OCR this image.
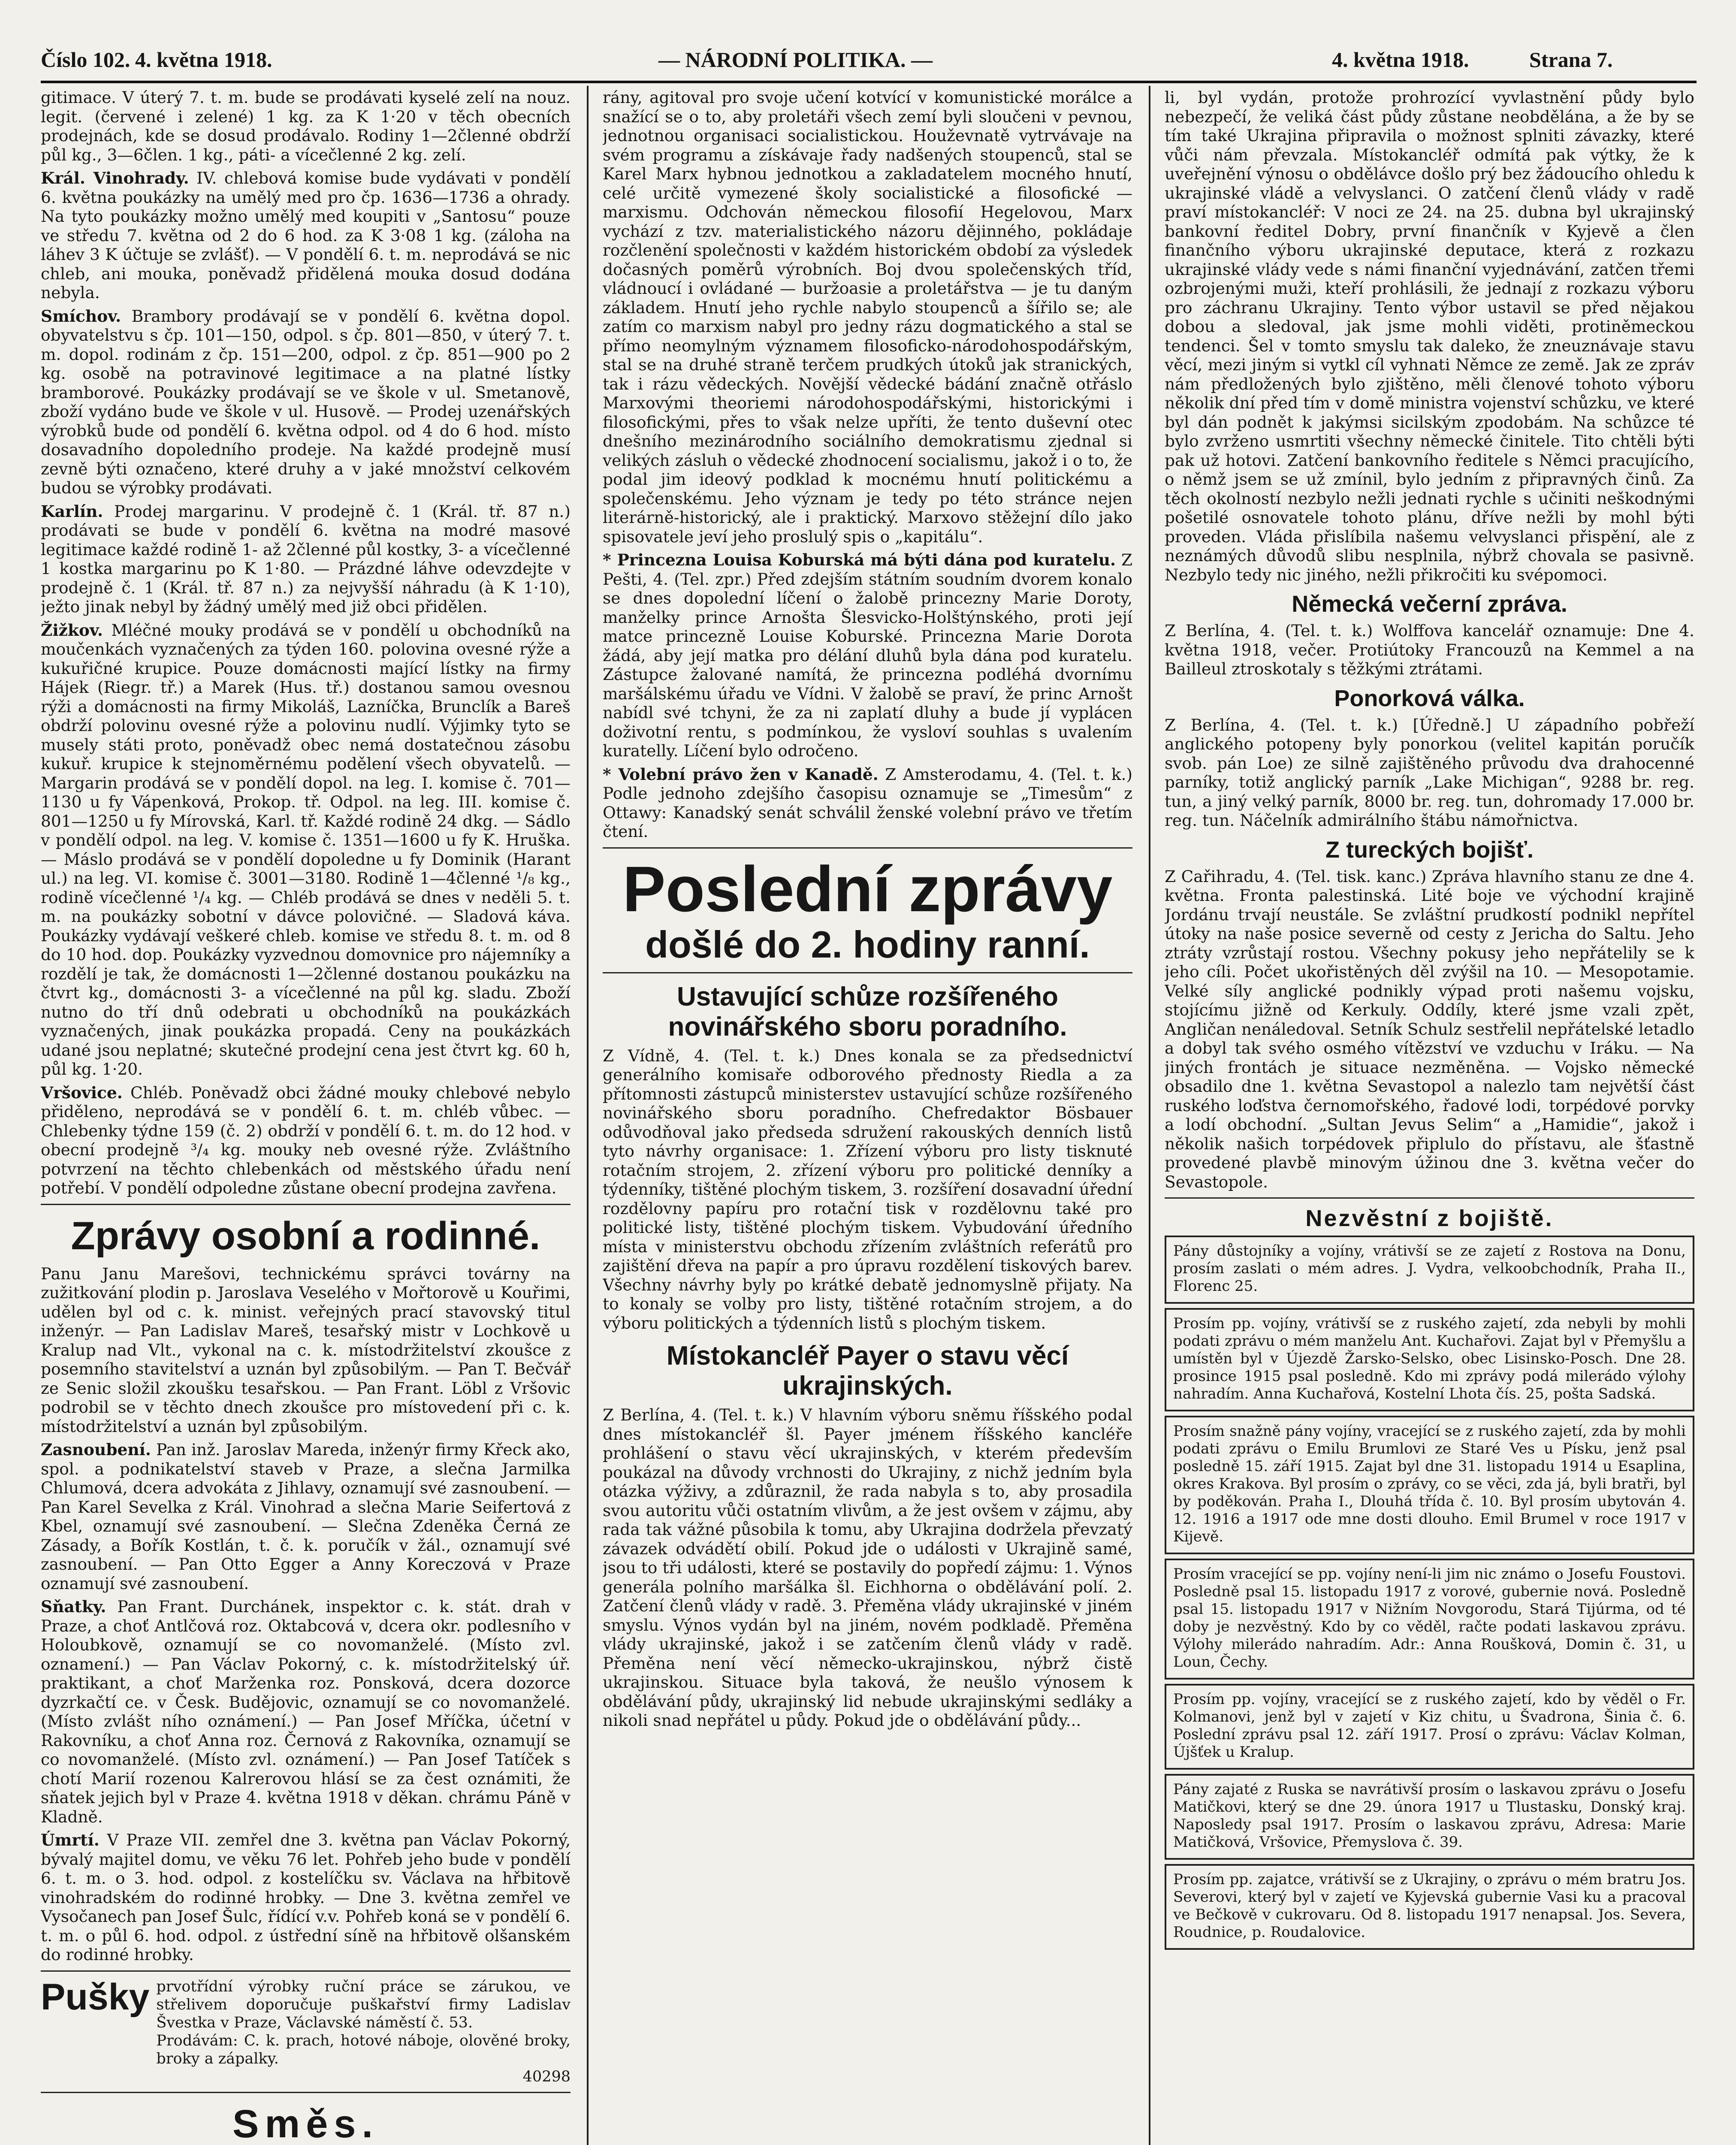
Číslo 102. 4. května 1918.	— NÁRODNÍ POLITIKA. —	4. května 1918.	Strana 7.

gitimace. V úterý 7. t. m. bude se prodávati kyselé zelí na nouz. legit. (červené i zelené) 1 kg. za K 1·20 v těch obecních prodejnách, kde se dosud prodávalo. Rodiny 1—2členné obdrží půl kg., 3—6člen. 1 kg., páti- a vícečlenné 2 kg. zelí.

Král. Vinohrady. IV. chlebová komise bude vydávati v pondělí 6. května poukázky na umělý med pro čp. 1636—1736 a ohrady. Na tyto poukázky možno umělý med koupiti v „Santosu“ pouze ve středu 7. května od 2 do 6 hod. za K 3·08 1 kg. (záloha na láhev 3 K účtuje se zvlášť). — V pondělí 6. t. m. neprodává se nic chleb, ani mouka, poněvadž přidělená mouka dosud dodána nebyla.

Smíchov. Brambory prodávají se v pondělí 6. května dopol. obyvatelstvu s čp. 101—150, odpol. s čp. 801—850, v úterý 7. t. m. dopol. rodinám z čp. 151—200, odpol. z čp. 851—900 po 2 kg. osobě na potravinové legitimace a na platné lístky bramborové. Poukázky prodávají se ve škole v ul. Smetanově, zboží vydáno bude ve škole v ul. Husově. — Prodej uzenářských výrobků bude od pondělí 6. května odpol. od 4 do 6 hod. místo dosavadního dopoledního prodeje. Na každé prodejně musí zevně býti označeno, které druhy a v jaké množství celkovém budou se výrobky prodávati.

Karlín. Prodej margarinu. V prodejně č. 1 (Král. tř. 87 n.) prodávati se bude v pondělí 6. května na modré masové legitimace každé rodině 1- až 2členné půl kostky, 3- a vícečlenné 1 kostka margarinu po K 1·80. — Prázdné láhve odevzdejte v prodejně č. 1 (Král. tř. 87 n.) za nejvyšší náhradu (à K 1·10), ježto jinak nebyl by žádný umělý med již obci přidělen.

Žižkov. Mléčné mouky prodává se v pondělí u obchodníků na moučenkách vyznačených za týden 160. polovina ovesné rýže a kukuřičné krupice. Pouze domácnosti mající lístky na firmy Hájek (Riegr. tř.) a Marek (Hus. tř.) dostanou samou ovesnou rýži a domácnosti na firmy Mikoláš, Lazníčka, Brunclík a Bareš obdrží polovinu ovesné rýže a polovinu nudlí. Výjimky tyto se musely státi proto, poněvadž obec nemá dostatečnou zásobu kukuř. krupice k stejnoměrnému podělení všech obyvatelů. — Margarin prodává se v pondělí dopol. na leg. I. komise č. 701—1130 u fy Vápenková, Prokop. tř. Odpol. na leg. III. komise č. 801—1250 u fy Mírovská, Karl. tř. Každé rodině 24 dkg. — Sádlo v pondělí odpol. na leg. V. komise č. 1351—1600 u fy K. Hruška. — Máslo prodává se v pondělí dopoledne u fy Dominik (Harant ul.) na leg. VI. komise č. 3001—3180. Rodině 1—4členné ¹/₈ kg., rodině vícečlenné ¹/₄ kg. — Chléb prodává se dnes v neděli 5. t. m. na poukázky sobotní v dávce polovičné. — Sladová káva. Poukázky vydávají veškeré chleb. komise ve středu 8. t. m. od 8 do 10 hod. dop. Poukázky vyzvednou domovnice pro nájemníky a rozdělí je tak, že domácnosti 1—2členné dostanou poukázku na čtvrt kg., domácnosti 3- a vícečlenné na půl kg. sladu. Zboží nutno do tří dnů odebrati u obchodníků na poukázkách vyznačených, jinak poukázka propadá. Ceny na poukázkách udané jsou neplatné; skutečné prodejní cena jest čtvrt kg. 60 h, půl kg. 1·20.

Vršovice. Chléb. Poněvadž obci žádné mouky chlebové nebylo přiděleno, neprodává se v pondělí 6. t. m. chléb vůbec. — Chlebenky týdne 159 (č. 2) obdrží v pondělí 6. t. m. do 12 hod. v obecní prodejně ³/₄ kg. mouky neb ovesné rýže. Zvláštního potvrzení na těchto chlebenkách od městského úřadu není potřebí. V pondělí odpoledne zůstane obecní prodejna zavřena.

Zprávy osobní a rodinné.

Panu Janu Marešovi, technickému správci továrny na zužitkování plodin p. Jaroslava Veselého v Mořtorově u Kouřimi, udělen byl od c. k. minist. veřejných prací stavovský titul inženýr. — Pan Ladislav Mareš, tesařský mistr v Lochkově u Kralup nad Vlt., vykonal na c. k. místodržitelství zkoušce z posemního stavitelství a uznán byl způsobilým. — Pan T. Bečvář ze Senic složil zkoušku tesařskou. — Pan Frant. Löbl z Vršovic podrobil se v těchto dnech zkoušce pro místovedení při c. k. místodržitelství a uznán byl způsobilým.

Zasnoubení. Pan inž. Jaroslav Mareda, inženýr firmy Křeck ako, spol. a podnikatelství staveb v Praze, a slečna Jarmilka Chlumová, dcera advokáta z Jihlavy, oznamují své zasnoubení. — Pan Karel Sevelka z Král. Vinohrad a slečna Marie Seifertová z Kbel, oznamují své zasnoubení. — Slečna Zdeněka Černá ze Zásady, a Bořík Kostlán, t. č. k. poručík v žál., oznamují své zasnoubení. — Pan Otto Egger a Anny Koreczová v Praze oznamují své zasnoubení.

Sňatky. Pan Frant. Durchánek, inspektor c. k. stát. drah v Praze, a choť Antlčová roz. Oktabcová v, dcera okr. podlesního v Holoubkově, oznamují se co novomanželé. (Místo zvl. oznamení.) — Pan Václav Pokorný, c. k. místodržitelský úř. praktikant, a choť Marženka roz. Ponsková, dcera dozorce dyzrkačtí ce. v Česk. Budějovic, oznamují se co novomanželé. (Místo zvlášt ního oznámení.) — Pan Josef Mříčka, účetní v Rakovníku, a choť Anna roz. Černová z Rakovníka, oznamují se co novomanželé. (Místo zvl. oznámení.) — Pan Josef Tatíček s chotí Marií rozenou Kalrerovou hlásí se za čest oznámiti, že sňatek jejich byl v Praze 4. května 1918 v děkan. chrámu Páně v Kladně.

Úmrtí. V Praze VII. zemřel dne 3. května pan Václav Pokorný, bývalý majitel domu, ve věku 76 let. Pohřeb jeho bude v pondělí 6. t. m. o 3. hod. odpol. z kostelíčku sv. Václava na hřbitově vinohradském do rodinné hrobky. — Dne 3. května zemřel ve Vysočanech pan Josef Šulc, řídící v.v. Pohřeb koná se v pondělí 6. t. m. o půl 6. hod. odpol. z ústřední síně na hřbitově olšanském do rodinné hrobky.

Pušky prvotřídní výrobky ruční práce se zárukou, ve střelivem doporučuje puškařství firmy Ladislav Švestka v Praze, Václavské náměstí č. 53.

Prodávám: C. k. prach, hotové náboje, olověné broky, broky a zápalky.

40298

Směs.

rány, agitoval pro svoje učení kotvící v komunistické morálce a snažící se o to, aby proletáři všech zemí byli sloučeni v pevnou, jednotnou organisaci socialistickou. Houževnatě vytrvávaje na svém programu a získávaje řady nadšených stoupenců, stal se Karel Marx hybnou jednotkou a zakladatelem mocného hnutí, celé určitě vymezené školy socialistické a filosofické — marxismu. Odchován německou filosofií Hegelovou, Marx vychází z tzv. materialistického názoru dějinného, pokládaje rozčlenění společnosti v každém historickém období za výsledek dočasných poměrů výrobních. Boj dvou společenských tříd, vládnoucí i ovládané — buržoasie a proletářstva — je tu daným základem. Hnutí jeho rychle nabylo stoupenců a šířilo se; ale zatím co marxism nabyl pro jedny rázu dogmatického a stal se přímo neomylným významem filosoficko-národohospodářským, stal se na druhé straně terčem prudkých útoků jak stranických, tak i rázu vědeckých. Novější vědecké bádání značně otřáslo Marxovými theoriemi národohospodářskými, historickými i filosofickými, přes to však nelze upříti, že tento duševní otec dnešního mezinárodního sociálního demokratismu zjednal si velikých zásluh o vědecké zhodnocení socialismu, jakož i o to, že podal jim ideový podklad k mocnému hnutí politickému a společenskému. Jeho význam je tedy po této stránce nejen literárně-historický, ale i praktický. Marxovo stěžejní dílo jako spisovatele jeví jeho proslulý spis o „kapitálu“.

* Princezna Louisa Koburská má býti dána pod kuratelu. Z Pešti, 4. (Tel. zpr.) Před zdejším státním soudním dvorem konalo se dnes dopolední líčení o žalobě princezny Marie Doroty, manželky prince Arnošta Šlesvicko-Holštýnského, proti její matce princezně Louise Koburské. Princezna Marie Dorota žádá, aby její matka pro délání dluhů byla dána pod kuratelu. Zástupce žalované namítá, že princezna podléhá dvornímu maršálskému úřadu ve Vídni. V žalobě se praví, že princ Arnošt nabídl své tchyni, že za ni zaplatí dluhy a bude jí vyplácen doživotní rentu, s podmínkou, že vysloví souhlas s uvalením kuratelly. Líčení bylo odročeno.

* Volební právo žen v Kanadě. Z Amsterodamu, 4. (Tel. t. k.) Podle jednoho zdejšího časopisu oznamuje se „Timesům“ z Ottawy: Kanadský senát schválil ženské volební právo ve třetím čtení.

Poslední zprávy
došlé do 2. hodiny ranní.
Ustavující schůze rozšířeného novinářského sboru poradního.

Z Vídně, 4. (Tel. t. k.) Dnes konala se za předsednictví generálního komisaře odborového přednosty Riedla a za přítomnosti zástupců ministerstev ustavující schůze rozšířeného novinářského sboru poradního. Chefredaktor Bösbauer odůvodňoval jako předseda sdružení rakouských denních listů tyto návrhy organisace: 1. Zřízení výboru pro listy tisknuté rotačním strojem, 2. zřízení výboru pro politické denníky a týdenníky, tištěné plochým tiskem, 3. rozšíření dosavadní úřední rozdělovny papíru pro rotační tisk v rozdělovnu také pro politické listy, tištěné plochým tiskem. Vybudování úředního místa v ministerstvu obchodu zřízením zvláštních referátů pro zajištění dřeva na papír a pro úpravu rozdělení tiskových barev. Všechny návrhy byly po krátké debatě jednomyslně přijaty. Na to konaly se volby pro listy, tištěné rotačním strojem, a do výboru politických a týdenních listů s plochým tiskem.

Místokancléř Payer o stavu věcí ukrajinských.

Z Berlína, 4. (Tel. t. k.) V hlavním výboru sněmu říšského podal dnes místokancléř šl. Payer jménem říšského kancléře prohlášení o stavu věcí ukrajinských, v kterém především poukázal na důvody vrchnosti do Ukrajiny, z nichž jedním byla otázka výživy, a zdůraznil, že rada nabyla s to, aby prosadila svou autoritu vůči ostatním vlivům, a že jest ovšem v zájmu, aby rada tak vážné působila k tomu, aby Ukrajina dodržela převzatý závazek odvádětí obilí. Pokud jde o události v Ukrajině samé, jsou to tři události, které se postavily do popředí zájmu: 1. Výnos generála polního maršálka šl. Eichhorna o obdělávání polí. 2. Zatčení členů vlády v radě. 3. Přeměna vlády ukrajinské v jiném smyslu. Výnos vydán byl na jiném, novém podkladě. Přeměna vlády ukrajinské, jakož i se zatčením členů vlády v radě. Přeměna není věcí německo-ukrajinskou, nýbrž čistě ukrajinskou. Situace byla taková, že neušlo výnosem k obdělávání půdy, ukrajinský lid nebude ukrajinskými sedláky a nikoli snad nepřátel u půdy. Pokud jde o obdělávání půdy...

li, byl vydán, protože prohrozící vyvlastnění půdy bylo nebezpečí, že veliká část půdy zůstane neobdělána, a že by se tím také Ukrajina připravila o možnost splniti závazky, které vůči nám převzala. Místokancléř odmítá pak výtky, že k uveřejnění výnosu o obdělávce došlo prý bez žádoucího ohledu k ukrajinské vládě a velvyslanci. O zatčení členů vlády v radě praví místokancléř: V noci ze 24. na 25. dubna byl ukrajinský bankovní ředitel Dobry, první finančník v Kyjevě a člen finančního výboru ukrajinské deputace, která z rozkazu ukrajinské vlády vede s námi finanční vyjednávání, zatčen třemi ozbrojenými muži, kteří prohlásili, že jednají z rozkazu výboru pro záchranu Ukrajiny. Tento výbor ustavil se před nějakou dobou a sledoval, jak jsme mohli viděti, protiněmeckou tendenci. Šel v tomto smyslu tak daleko, že zneuznávaje stavu věcí, mezi jiným si vytkl cíl vyhnati Němce ze země. Jak ze zpráv nám předložených bylo zjištěno, měli členové tohoto výboru několik dní před tím v domě ministra vojenství schůzku, ve které byl dán podnět k jakýmsi sicilským zpodobám. Na schůzce té bylo zvrženo usmrtiti všechny německé činitele. Tito chtěli býti pak už hotovi. Zatčení bankovního ředitele s Němci pracujícího, o němž jsem se už zmínil, bylo jedním z připravných činů. Za těch okolností nezbylo nežli jednati rychle s učiniti neškodnými pošetilé osnovatele tohoto plánu, dříve nežli by mohl býti proveden. Vláda přislíbila našemu velvyslanci přispění, ale z neznámých důvodů slibu nesplnila, nýbrž chovala se pasivně. Nezbylo tedy nic jiného, nežli přikročiti ku svépomoci.

Německá večerní zpráva.

Z Berlína, 4. (Tel. t. k.) Wolffova kancelář oznamuje: Dne 4. května 1918, večer. Protiútoky Francouzů na Kemmel a na Bailleul ztroskotaly s těžkými ztrátami.

Ponorková válka.

Z Berlína, 4. (Tel. t. k.) [Úředně.] U západního pobřeží anglického potopeny byly ponorkou (velitel kapitán poručík svob. pán Loe) ze silně zajištěného průvodu dva drahocenné parníky, totiž anglický parník „Lake Michigan“, 9288 br. reg. tun, a jiný velký parník, 8000 br. reg. tun, dohromady 17.000 br. reg. tun. Náčelník admirálního štábu námořnictva.

Z tureckých bojišť.

Z Cařihradu, 4. (Tel. tisk. kanc.) Zpráva hlavního stanu ze dne 4. května. Fronta palestinská. Lité boje ve východní krajině Jordánu trvají neustále. Se zvláštní prudkostí podnikl nepřítel útoky na naše posice severně od cesty z Jericha do Saltu. Jeho ztráty vzrůstají rostou. Všechny pokusy jeho nepřátelily se k jeho cíli. Počet ukořistěných děl zvýšil na 10. — Mesopotamie. Velké síly anglické podnikly výpad proti našemu vojsku, stojícímu jižně od Kerkuly. Oddíly, které jsme vzali zpět, Angličan nenáledoval. Setník Schulz sestřelil nepřátelské letadlo a dobyl tak svého osmého vítězství ve vzduchu v Iráku. — Na jiných frontách je situace nezměněna. — Vojsko německé obsadilo dne 1. května Sevastopol a nalezlo tam největší část ruského loďstva černomořského, řadové lodi, torpédové porvky a lodí obchodní. „Sultan Jevus Selim“ a „Hamidie“, jakož i několik našich torpédovek připlulo do přístavu, ale šťastně provedené plavbě minovým úžinou dne 3. května večer do Sevastopole.

Nezvěstní z bojiště.

Pány důstojníky a vojíny, vrátivší se ze zajetí z Rostova na Donu, prosím zaslati o mém adres. J. Vydra, velkoobchodník, Praha II., Florenc 25.

Prosím pp. vojíny, vrátivší se z ruského zajetí, zda nebyli by mohli podati zprávu o mém manželu Ant. Kuchařovi. Zajat byl v Přemyšlu a umístěn byl v Újezdě Žarsko-Selsko, obec Lisinsko-Posch. Dne 28. prosince 1915 psal posledně. Kdo mi zprávy podá milerádo výlohy nahradím. Anna Kuchařová, Kostelní Lhota čís. 25, pošta Sadská.

Prosím snažně pány vojíny, vracející se z ruského zajetí, zda by mohli podati zprávu o Emilu Brumlovi ze Staré Ves u Písku, jenž psal posledně 15. září 1915. Zajat byl dne 31. listopadu 1914 u Esaplina, okres Krakova. Byl prosím o zprávy, co se věci, zda já, byli bratři, byl by poděkován. Praha I., Dlouhá třída č. 10. Byl prosím ubytován 4. 12. 1916 a 1917 ode mne dosti dlouho. Emil Brumel v roce 1917 v Kijevě.

Prosím vracející se pp. vojíny není-li jim nic známo o Josefu Foustovi. Posledně psal 15. listopadu 1917 z vorové, gubernie nová. Posledně psal 15. listopadu 1917 v Nižním Novgorodu, Stará Tijúrma, od té doby je nezvěstný. Kdo by co věděl, račte podati laskavou zprávu. Výlohy milerádo nahradím. Adr.: Anna Roušková, Domin č. 31, u Loun, Čechy.

Prosím pp. vojíny, vracející se z ruského zajetí, kdo by věděl o Fr. Kolmanovi, jenž byl v zajetí v Kiz chitu, u Švadrona, Šinia č. 6. Poslední zprávu psal 12. září 1917. Prosí o zprávu: Václav Kolman, Újšťek u Kralup.

Pány zajaté z Ruska se navrátivší prosím o laskavou zprávu o Josefu Matičkovi, který se dne 29. února 1917 u Tlustasku, Donský kraj. Naposledy psal 1917. Prosím o laskavou zprávu, Adresa: Marie Matičková, Vršovice, Přemyslova č. 39.

Prosím pp. zajatce, vrátivší se z Ukrajiny, o zprávu o mém bratru Jos. Severovi, který byl v zajetí ve Kyjevská gubernie Vasi ku a pracoval ve Bečkově v cukrovaru. Od 8. listopadu 1917 nenapsal. Jos. Severa, Roudnice, p. Roudalovice.
